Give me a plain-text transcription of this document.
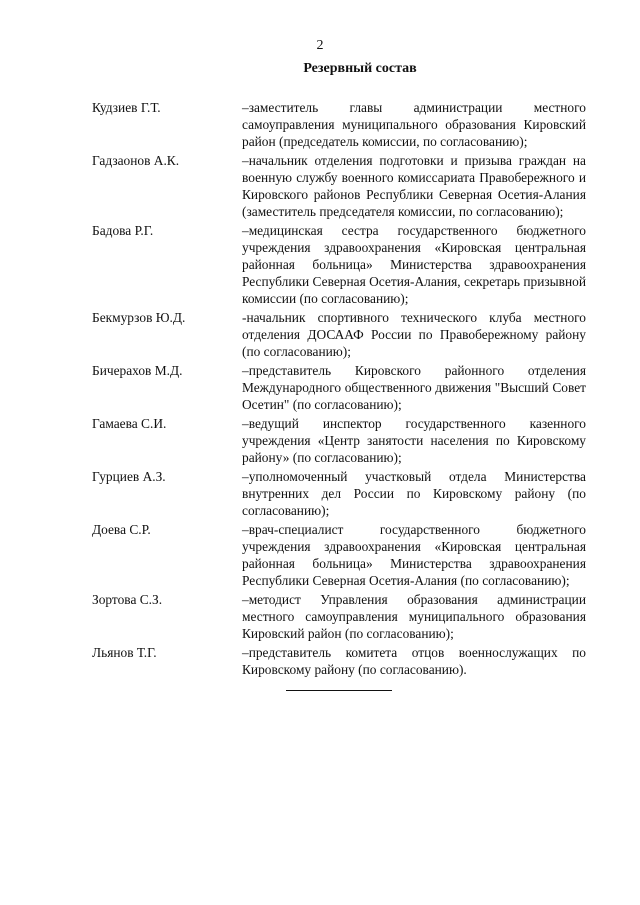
2
Резервный состав
Кудзиев Г.Т.	–заместитель главы администрации местного самоуправления муниципального образования Кировский район (председатель комиссии, по согласованию);
Гадзаонов А.К.	–начальник отделения подготовки и призыва граждан на военную службу военного комиссариата Правобережного и Кировского районов Республики Северная Осетия-Алания (заместитель председателя комиссии, по согласованию);
Бадова Р.Г.	–медицинская сестра государственного бюджетного учреждения здравоохранения «Кировская центральная районная больница» Министерства здравоохранения Республики Северная Осетия-Алания, секретарь призывной комиссии (по согласованию);
Бекмурзов Ю.Д.	-начальник спортивного технического клуба местного отделения ДОСААФ России по Правобережному району (по согласованию);
Бичерахов М.Д.	–представитель Кировского районного отделения Международного общественного движения "Высший Совет Осетин" (по согласованию);
Гамаева С.И.	–ведущий инспектор государственного казенного учреждения «Центр занятости населения по Кировскому району» (по согласованию);
Гурциев А.З.	–уполномоченный участковый отдела Министерства внутренних дел России по Кировскому району (по согласованию);
Доева С.Р.	–врач-специалист государственного бюджетного учреждения здравоохранения «Кировская центральная районная больница» Министерства здравоохранения Республики Северная Осетия-Алания (по согласованию);
Зортова С.З.	–методист Управления образования администрации местного самоуправления муниципального образования Кировский район (по согласованию);
Льянов Т.Г.	–представитель комитета отцов военнослужащих по Кировскому району (по согласованию).
